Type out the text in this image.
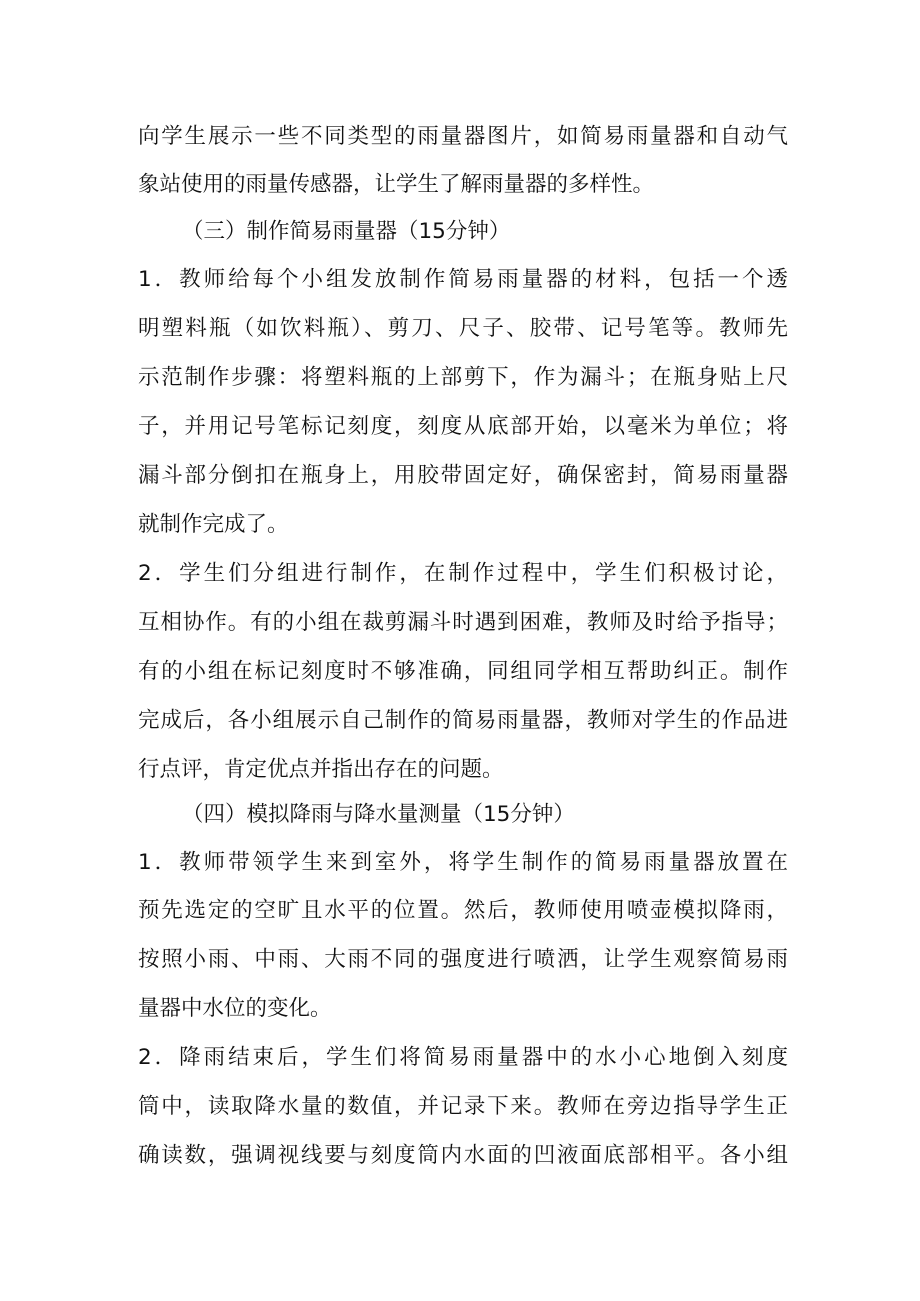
向学生展示一些不同类型的雨量器图片，如简易雨量器和自动气
象站使用的雨量传感器，让学生了解雨量器的多样性。
（三）制作简易雨量器（15分钟）
1．教师给每个小组发放制作简易雨量器的材料，包括一个透
明塑料瓶（如饮料瓶）、剪刀、尺子、胶带、记号笔等。教师先
示范制作步骤：将塑料瓶的上部剪下，作为漏斗；在瓶身贴上尺
子，并用记号笔标记刻度，刻度从底部开始，以毫米为单位；将
漏斗部分倒扣在瓶身上，用胶带固定好，确保密封，简易雨量器
就制作完成了。
2．学生们分组进行制作，在制作过程中，学生们积极讨论，
互相协作。有的小组在裁剪漏斗时遇到困难，教师及时给予指导；
有的小组在标记刻度时不够准确，同组同学相互帮助纠正。制作
完成后，各小组展示自己制作的简易雨量器，教师对学生的作品进
行点评，肯定优点并指出存在的问题。
（四）模拟降雨与降水量测量（15分钟）
1．教师带领学生来到室外，将学生制作的简易雨量器放置在
预先选定的空旷且水平的位置。然后，教师使用喷壶模拟降雨，
按照小雨、中雨、大雨不同的强度进行喷洒，让学生观察简易雨
量器中水位的变化。
2．降雨结束后，学生们将简易雨量器中的水小心地倒入刻度
筒中，读取降水量的数值，并记录下来。教师在旁边指导学生正
确读数，强调视线要与刻度筒内水面的凹液面底部相平。各小组
